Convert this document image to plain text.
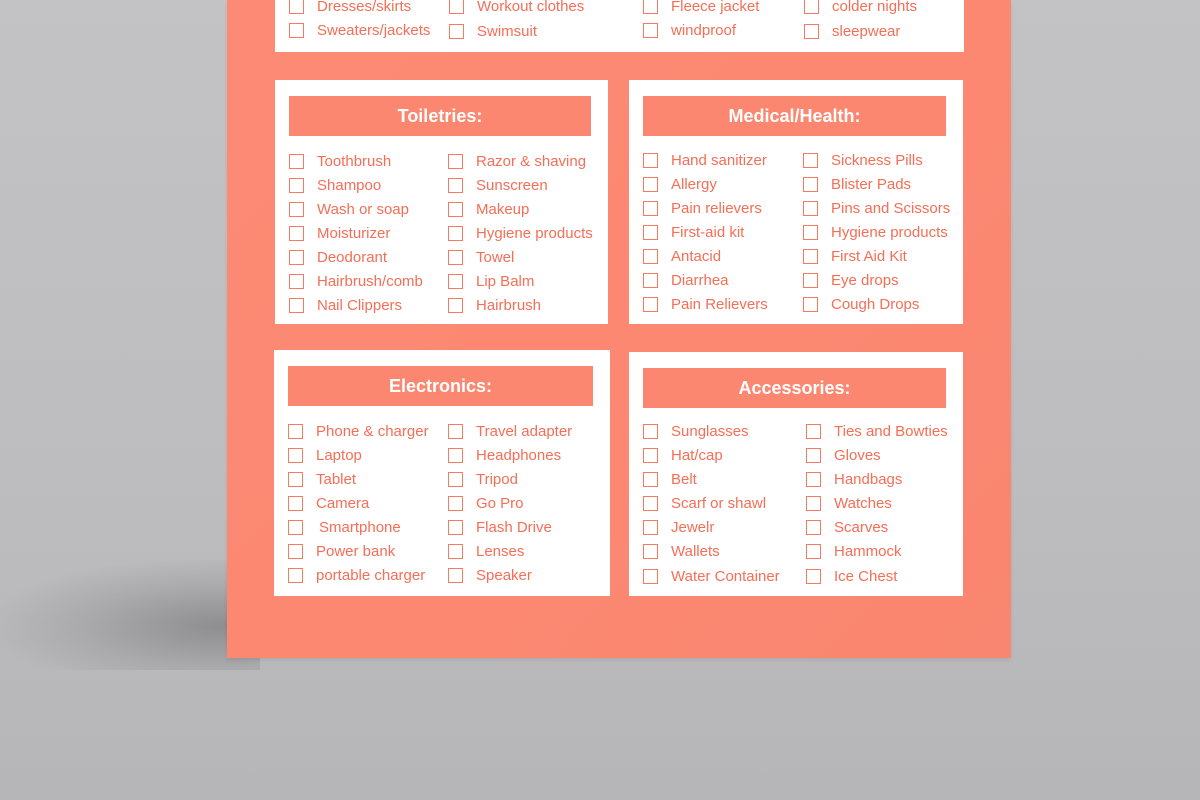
Dresses/skirts
Sweaters/jackets
Workout clothes
Swimsuit
Fleece jacket
windproof
colder nights
sleepwear
Toiletries:
Toothbrush
Shampoo
Wash or soap
Moisturizer
Deodorant
Hairbrush/comb
Nail Clippers
Razor & shaving
Sunscreen
Makeup
Hygiene products
Towel
Lip Balm
Hairbrush
Medical/Health:
Hand sanitizer
Allergy
Pain relievers
First-aid kit
Antacid
Diarrhea
Pain Relievers
Sickness Pills
Blister Pads
Pins and Scissors
Hygiene products
First Aid Kit
Eye drops
Cough Drops
Electronics:
Phone & charger
Laptop
Tablet
Camera
Smartphone
Power bank
portable charger
Travel adapter
Headphones
Tripod
Go Pro
Flash Drive
Lenses
Speaker
Accessories:
Sunglasses
Hat/cap
Belt
Scarf or shawl
Jewelr
Wallets
Water Container
Ties and Bowties
Gloves
Handbags
Watches
Scarves
Hammock
Ice Chest
